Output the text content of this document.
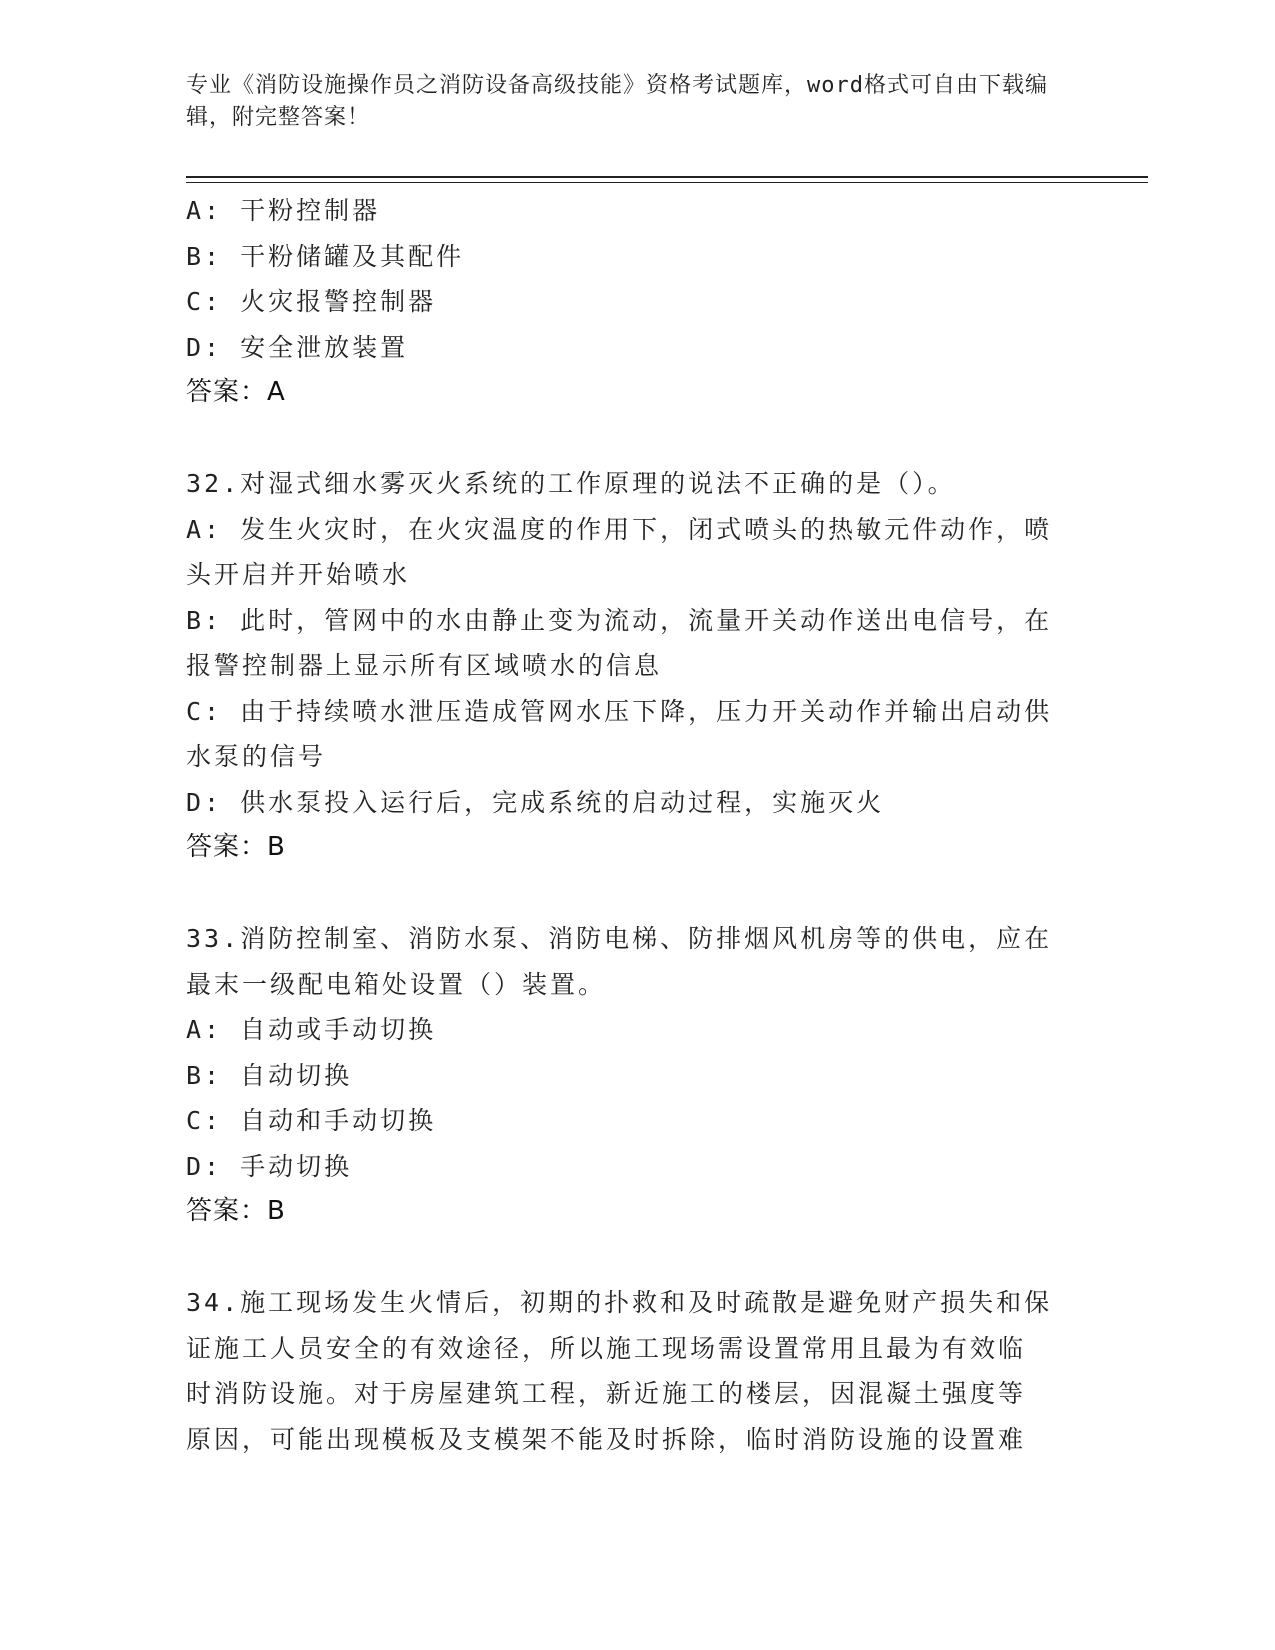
专业《消防设施操作员之消防设备高级技能》资格考试题库，word格式可自由下载编辑，附完整答案！
A: 干粉控制器
B: 干粉储罐及其配件
C: 火灾报警控制器
D: 安全泄放装置
答案：A
32.对湿式细水雾灭火系统的工作原理的说法不正确的是（）。
A: 发生火灾时，在火灾温度的作用下，闭式喷头的热敏元件动作，喷
头开启并开始喷水
B: 此时，管网中的水由静止变为流动，流量开关动作送出电信号，在
报警控制器上显示所有区域喷水的信息
C: 由于持续喷水泄压造成管网水压下降，压力开关动作并输出启动供
水泵的信号
D: 供水泵投入运行后，完成系统的启动过程，实施灭火
答案：B
33.消防控制室、消防水泵、消防电梯、防排烟风机房等的供电，应在
最末一级配电箱处设置（）装置。
A: 自动或手动切换
B: 自动切换
C: 自动和手动切换
D: 手动切换
答案：B
34.施工现场发生火情后，初期的扑救和及时疏散是避免财产损失和保
证施工人员安全的有效途径，所以施工现场需设置常用且最为有效临
时消防设施。对于房屋建筑工程，新近施工的楼层，因混凝土强度等
原因，可能出现模板及支模架不能及时拆除，临时消防设施的设置难
